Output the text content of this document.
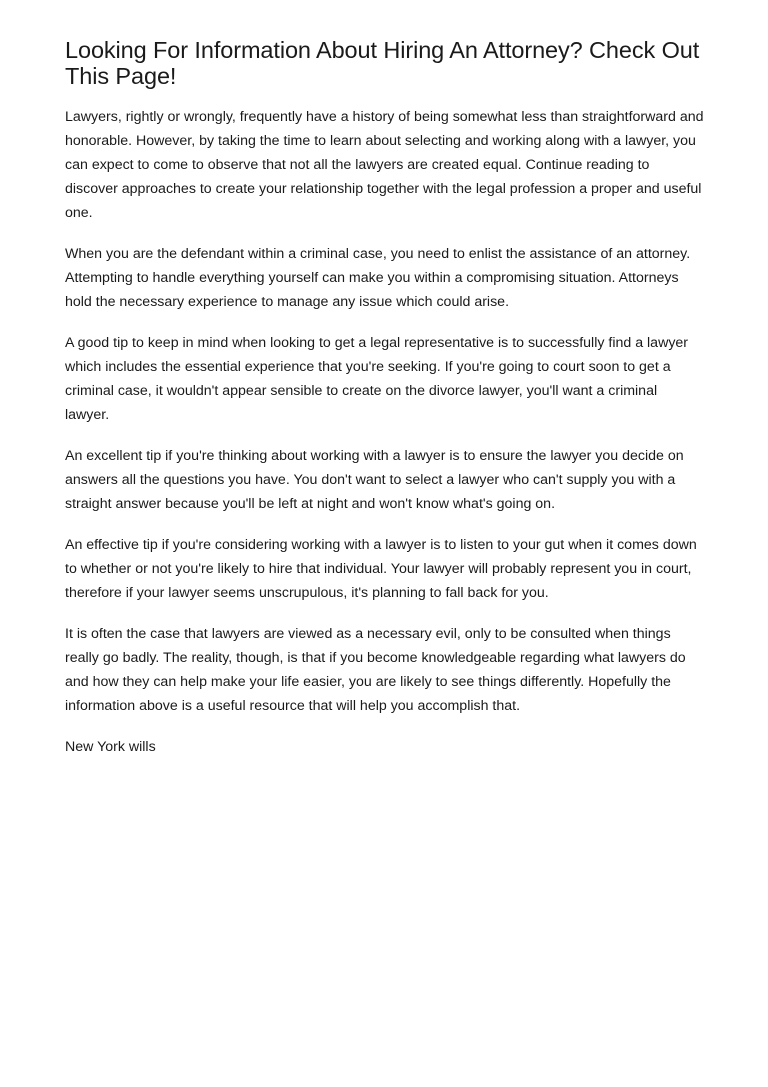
Looking For Information About Hiring An Attorney? Check Out This Page!

Lawyers, rightly or wrongly, frequently have a history of being somewhat less than straightforward and honorable. However, by taking the time to learn about selecting and working along with a lawyer, you can expect to come to observe that not all the lawyers are created equal. Continue reading to discover approaches to create your relationship together with the legal profession a proper and useful one.

When you are the defendant within a criminal case, you need to enlist the assistance of an attorney. Attempting to handle everything yourself can make you within a compromising situation. Attorneys hold the necessary experience to manage any issue which could arise.

A good tip to keep in mind when looking to get a legal representative is to successfully find a lawyer which includes the essential experience that you're seeking. If you're going to court soon to get a criminal case, it wouldn't appear sensible to create on the divorce lawyer, you'll want a criminal lawyer.

An excellent tip if you're thinking about working with a lawyer is to ensure the lawyer you decide on answers all the questions you have. You don't want to select a lawyer who can't supply you with a straight answer because you'll be left at night and won't know what's going on.

An effective tip if you're considering working with a lawyer is to listen to your gut when it comes down to whether or not you're likely to hire that individual. Your lawyer will probably represent you in court, therefore if your lawyer seems unscrupulous, it's planning to fall back for you.

It is often the case that lawyers are viewed as a necessary evil, only to be consulted when things really go badly. The reality, though, is that if you become knowledgeable regarding what lawyers do and how they can help make your life easier, you are likely to see things differently. Hopefully the information above is a useful resource that will help you accomplish that.

New York wills
